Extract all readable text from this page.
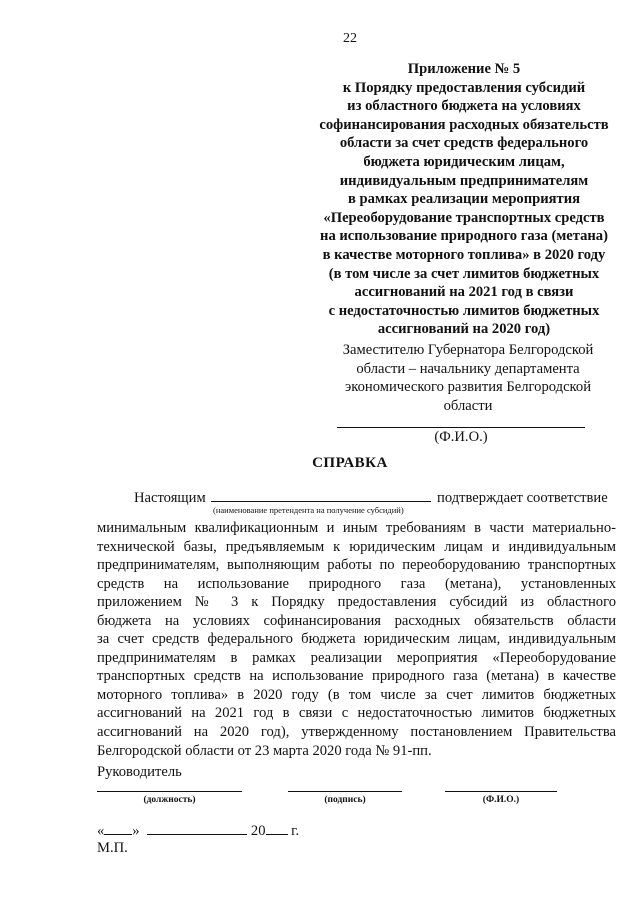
22
Приложение № 5
к Порядку предоставления субсидий
из областного бюджета на условиях
софинансирования расходных обязательств
области за счет средств федерального
бюджета юридическим лицам,
индивидуальным предпринимателям
в рамках реализации мероприятия
«Переоборудование транспортных средств
на использование природного газа (метана)
в качестве моторного топлива» в 2020 году
(в том числе за счет лимитов бюджетных
ассигнований на 2021 год в связи
с недостаточностью лимитов бюджетных
ассигнований на 2020 год)
Заместителю Губернатора Белгородской
области – начальнику департамента
экономического развития Белгородской
области
(Ф.И.О.)
СПРАВКА
Настоящим	подтверждает соответствие
(наименование претендента на получение субсидий)
минимальным квалификационным и иным требованиям в части материально-
технической базы, предъявляемым к юридическим лицам и индивидуальным
предпринимателям, выполняющим работы по переоборудованию транспортных
средств на использование природного газа (метана), установленных
приложением № 3 к Порядку предоставления субсидий из областного
бюджета на условиях софинансирования расходных обязательств области
за счет средств федерального бюджета юридическим лицам, индивидуальным
предпринимателям в рамках реализации мероприятия «Переоборудование
транспортных средств на использование природного газа (метана) в качестве
моторного топлива» в 2020 году (в том числе за счет лимитов бюджетных
ассигнований на 2021 год в связи с недостаточностью лимитов бюджетных
ассигнований на 2020 год), утвержденному постановлением Правительства
Белгородской области от 23 марта 2020 года № 91-пп.
Руководитель
(должность)	(подпись)	(Ф.И.О.)
« »	20 г.
М.П.
